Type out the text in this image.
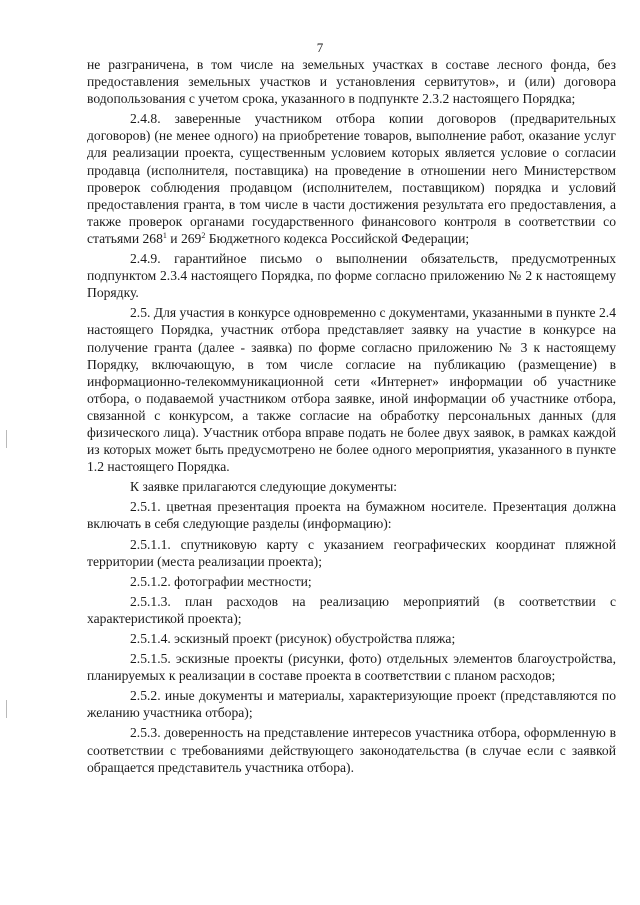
7

не разграничена, в том числе на земельных участках в составе лесного фонда, без предоставления земельных участков и установления сервитутов», и (или) договора водопользования с учетом срока, указанного в подпункте 2.3.2 настоящего Порядка;

2.4.8. заверенные участником отбора копии договоров (предварительных договоров) (не менее одного) на приобретение товаров, выполнение работ, оказание услуг для реализации проекта, существенным условием которых является условие о согласии продавца (исполнителя, поставщика) на проведение в отношении него Министерством проверок соблюдения продавцом (исполнителем, поставщиком) порядка и условий предоставления гранта, в том числе в части достижения результата его предоставления, а также проверок органами государственного финансового контроля в соответствии со статьями $268^1$ и $269^2$ Бюджетного кодекса Российской Федерации;

2.4.9. гарантийное письмо о выполнении обязательств, предусмотренных подпунктом 2.3.4 настоящего Порядка, по форме согласно приложению № 2 к настоящему Порядку.

2.5. Для участия в конкурсе одновременно с документами, указанными в пункте 2.4 настоящего Порядка, участник отбора представляет заявку на участие в конкурсе на получение гранта (далее - заявка) по форме согласно приложению № 3 к настоящему Порядку, включающую, в том числе согласие на публикацию (размещение) в информационно-телекоммуникационной сети «Интернет» информации об участнике отбора, о подаваемой участником отбора заявке, иной информации об участнике отбора, связанной с конкурсом, а также согласие на обработку персональных данных (для физического лица). Участник отбора вправе подать не более двух заявок, в рамках каждой из которых может быть предусмотрено не более одного мероприятия, указанного в пункте 1.2 настоящего Порядка.

К заявке прилагаются следующие документы:

2.5.1. цветная презентация проекта на бумажном носителе. Презентация должна включать в себя следующие разделы (информацию):

2.5.1.1. спутниковую карту с указанием географических координат пляжной территории (места реализации проекта);

2.5.1.2. фотографии местности;

2.5.1.3. план расходов на реализацию мероприятий (в соответствии с характеристикой проекта);

2.5.1.4. эскизный проект (рисунок) обустройства пляжа;

2.5.1.5. эскизные проекты (рисунки, фото) отдельных элементов благоустройства, планируемых к реализации в составе проекта в соответствии с планом расходов;

2.5.2. иные документы и материалы, характеризующие проект (представляются по желанию участника отбора);

2.5.3. доверенность на представление интересов участника отбора, оформленную в соответствии с требованиями действующего законодательства (в случае если с заявкой обращается представитель участника отбора).
